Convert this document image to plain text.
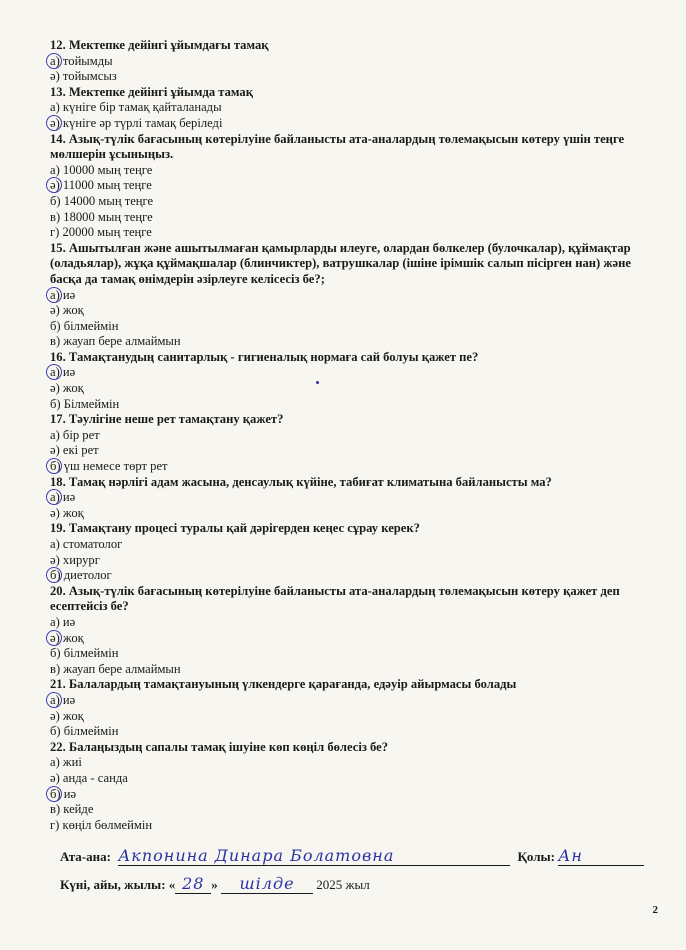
12. Мектепке дейінгі ұйымдағы тамақ
а) тойымды
ә) тойымсыз
13. Мектепке дейінгі ұйымда тамақ
а) күнiге бір тамақ қайталанады
ә) күнiге әр түрлі тамақ беріледі
14. Азық-түлік бағасының көтерілуіне байланысты ата-аналардың төлемақысын көтеру үшін теңге мөлшерін ұсыныңыз.
а) 10000 мың теңге
ә) 11000 мың теңге
б) 14000 мың теңге
в) 18000 мың теңге
г) 20000 мың теңге
15. Ашытылған және ашытылмаған қамырларды илеуге, олардан бөлкелер (булочкалар), құймақтар (оладьялар), жұқа құймақшалар (блинчиктер), ватрушкалар (ішіне ірімшік салып пісірген нан) және басқа да тамақ өнімдерін әзірлеуге келісесіз бе?;
а) иә
ә) жоқ
б) білмеймін
в) жауап бере алмаймын
16. Тамақтанудың санитарлық - гигиеналық нормаға сай болуы қажет пе?
а) иә
ә) жоқ
б) Білмеймін
17. Тәулігіне неше рет тамақтану қажет?
а) бір рет
ә) екі рет
б) үш немесе төрт рет
18. Тамақ нәрлігі адам жасына, денсаулық күйіне, табиғат климатына байланысты ма?
а) иә
ә) жоқ
19. Тамақтану процесі туралы қай дәрігерден кеңес сұрау керек?
а) стоматолог
ә) хирург
б) диетолог
20. Азық-түлік бағасының көтерілуіне байланысты ата-аналардың төлемақысын көтеру қажет деп есептейсіз бе?
а) иә
ә) жоқ
б) білмеймін
в) жауап бере алмаймын
21. Балалардың тамақтануының үлкендерге қарағанда, едәуір айырмасы болады
а) иә
ә) жоқ
б) білмеймін
22. Балаңыздың сапалы тамақ ішуіне көп көңіл бөлесіз бе?
а) жиі
ә) анда - санда
б) иә
в) кейде
г) көңіл бөлмеймін
Ата-ана: Акпонина Динара Болатовна	Қолы: Ан
Күні, айы, жылы: « 28 » шілде 2025 жыл
2
